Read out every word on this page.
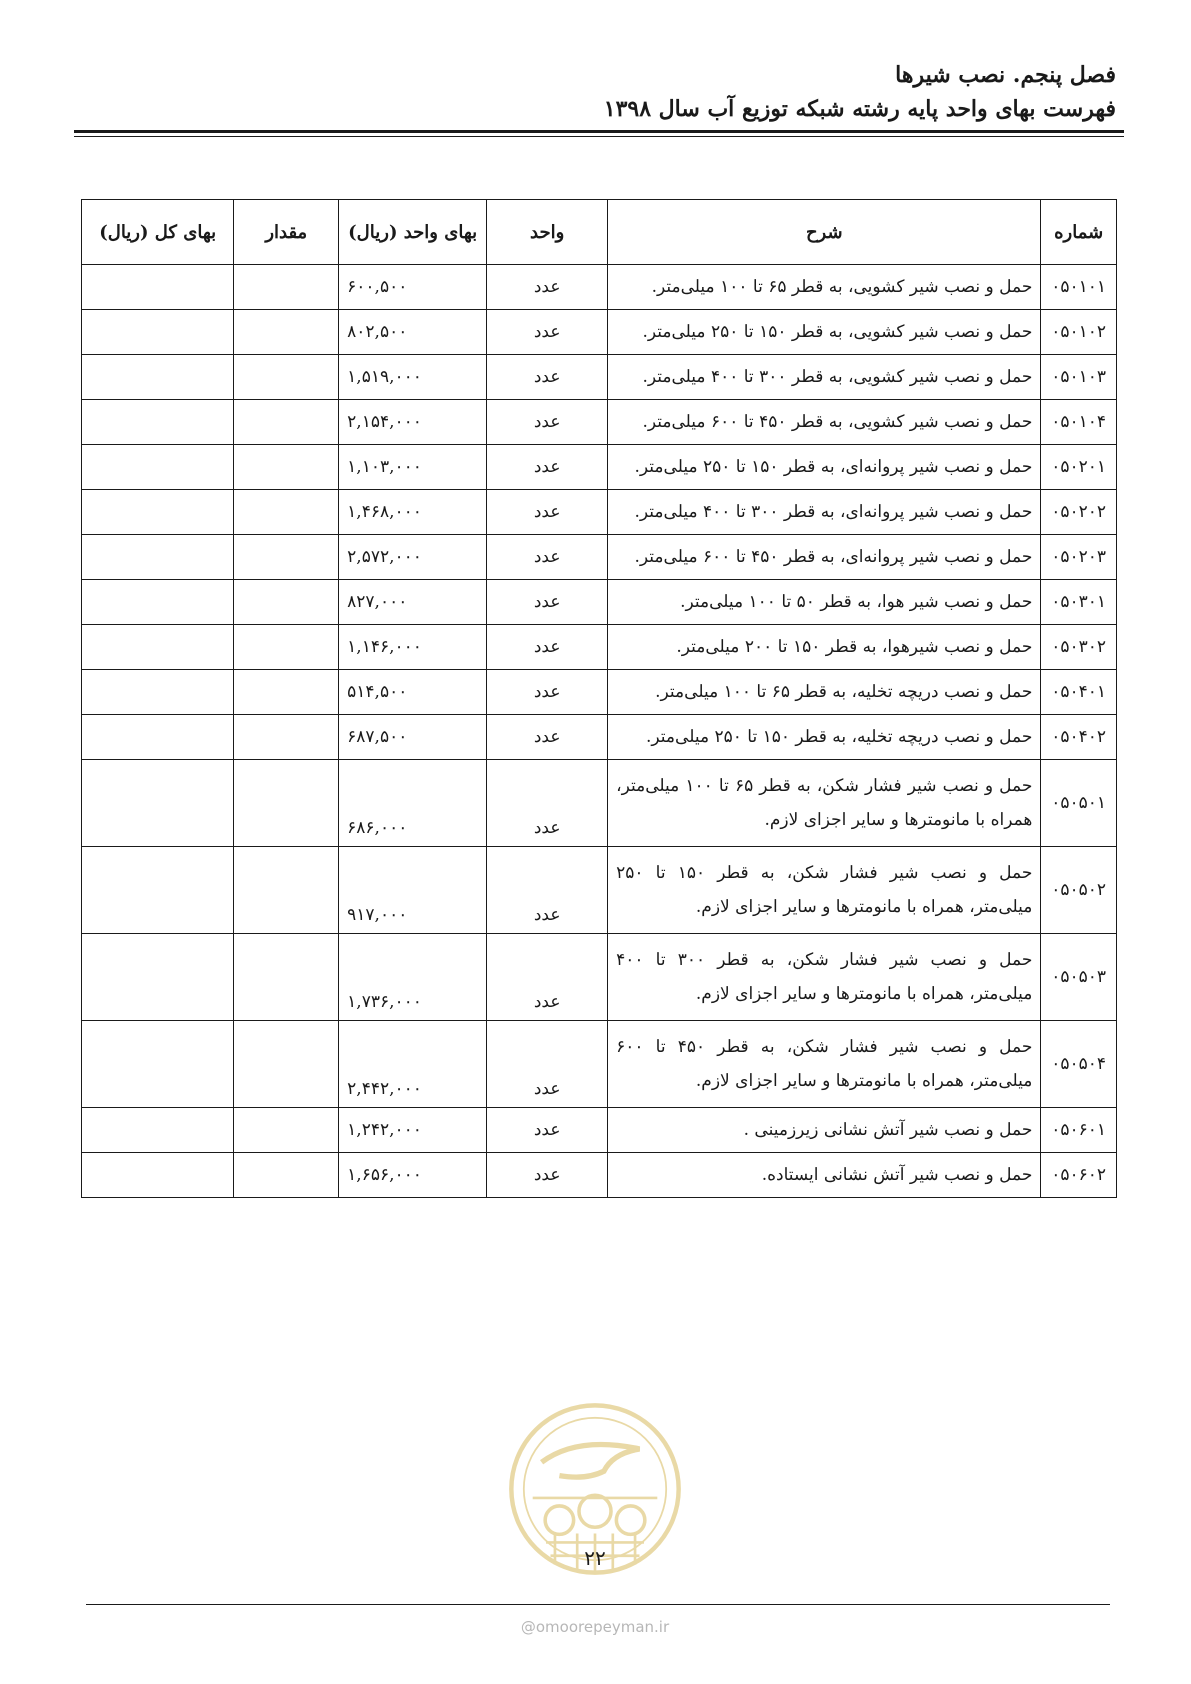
فصل پنجم. نصب شیرها
فهرست بهای واحد پایه رشته شبکه توزیع آب سال ۱۳۹۸
شماره	شرح	واحد	بهای واحد (ریال)	مقدار	بهای کل (ریال)
۰۵۰۱۰۱	حمل و نصب شیر کشویی، به قطر ۶۵ تا ۱۰۰ میلی‌متر.	عدد	۶۰۰,۵۰۰		
۰۵۰۱۰۲	حمل و نصب شیر کشویی، به قطر ۱۵۰ تا ۲۵۰ میلی‌متر.	عدد	۸۰۲,۵۰۰		
۰۵۰۱۰۳	حمل و نصب شیر کشویی، به قطر ۳۰۰ تا ۴۰۰ میلی‌متر.	عدد	۱,۵۱۹,۰۰۰		
۰۵۰۱۰۴	حمل و نصب شیر کشویی، به قطر ۴۵۰ تا ۶۰۰ میلی‌متر.	عدد	۲,۱۵۴,۰۰۰		
۰۵۰۲۰۱	حمل و نصب شیر پروانه‌ای، به قطر ۱۵۰ تا ۲۵۰ میلی‌متر.	عدد	۱,۱۰۳,۰۰۰		
۰۵۰۲۰۲	حمل و نصب شیر پروانه‌ای، به قطر ۳۰۰ تا ۴۰۰ میلی‌متر.	عدد	۱,۴۶۸,۰۰۰		
۰۵۰۲۰۳	حمل و نصب شیر پروانه‌ای، به قطر ۴۵۰ تا ۶۰۰ میلی‌متر.	عدد	۲,۵۷۲,۰۰۰		
۰۵۰۳۰۱	حمل و نصب شیر هوا، به قطر ۵۰ تا ۱۰۰ میلی‌متر.	عدد	۸۲۷,۰۰۰		
۰۵۰۳۰۲	حمل و نصب شیرهوا، به قطر ۱۵۰ تا ۲۰۰ میلی‌متر.	عدد	۱,۱۴۶,۰۰۰		
۰۵۰۴۰۱	حمل و نصب دریچه تخلیه، به قطر ۶۵ تا ۱۰۰ میلی‌متر.	عدد	۵۱۴,۵۰۰		
۰۵۰۴۰۲	حمل و نصب دریچه تخلیه، به قطر ۱۵۰ تا ۲۵۰ میلی‌متر.	عدد	۶۸۷,۵۰۰		
۰۵۰۵۰۱	حمل و نصب شیر فشار شکن، به قطر ۶۵ تا ۱۰۰ میلی‌متر، همراه با مانومترها و سایر اجزای لازم.	عدد	۶۸۶,۰۰۰		
۰۵۰۵۰۲	حمل و نصب شیر فشار شکن، به قطر ۱۵۰ تا ۲۵۰ میلی‌متر، همراه با مانومترها و سایر اجزای لازم.	عدد	۹۱۷,۰۰۰		
۰۵۰۵۰۳	حمل و نصب شیر فشار شکن، به قطر ۳۰۰ تا ۴۰۰ میلی‌متر، همراه با مانومترها و سایر اجزای لازم.	عدد	۱,۷۳۶,۰۰۰		
۰۵۰۵۰۴	حمل و نصب شیر فشار شکن، به قطر ۴۵۰ تا ۶۰۰ میلی‌متر، همراه با مانومترها و سایر اجزای لازم.	عدد	۲,۴۴۲,۰۰۰		
۰۵۰۶۰۱	حمل و نصب شیر آتش نشانی زیرزمینی .	عدد	۱,۲۴۲,۰۰۰		
۰۵۰۶۰۲	حمل و نصب شیر آتش نشانی ایستاده.	عدد	۱,۶۵۶,۰۰۰		
۲۲
@omoorepeyman.ir
